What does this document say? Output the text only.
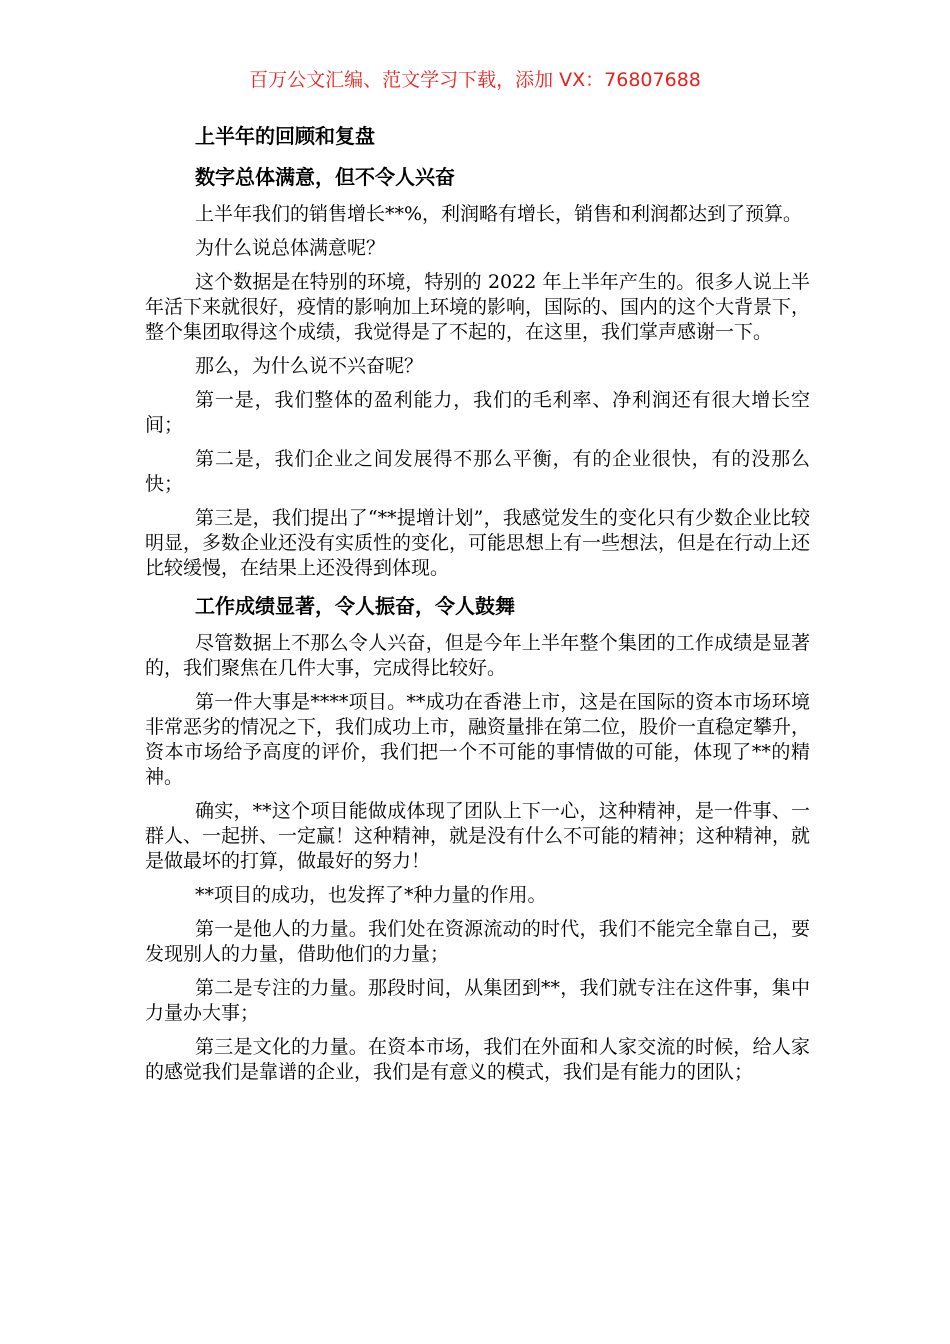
百万公文汇编、范文学习下载，添加 VX：76807688
上半年的回顾和复盘
数字总体满意，但不令人兴奋

上半年我们的销售增长**%，利润略有增长，销售和利润都达到了预算。

为什么说总体满意呢？

这个数据是在特别的环境，特别的 2022 年上半年产生的。很多人说上半年活下来就很好，疫情的影响加上环境的影响，国际的、国内的这个大背景下，整个集团取得这个成绩，我觉得是了不起的，在这里，我们掌声感谢一下。

那么，为什么说不兴奋呢？

第一是，我们整体的盈利能力，我们的毛利率、净利润还有很大增长空间；

第二是，我们企业之间发展得不那么平衡，有的企业很快，有的没那么快；

第三是，我们提出了“**提增计划”，我感觉发生的变化只有少数企业比较明显，多数企业还没有实质性的变化，可能思想上有一些想法，但是在行动上还比较缓慢，在结果上还没得到体现。

工作成绩显著，令人振奋，令人鼓舞

尽管数据上不那么令人兴奋，但是今年上半年整个集团的工作成绩是显著的，我们聚焦在几件大事，完成得比较好。

第一件大事是****项目。**成功在香港上市，这是在国际的资本市场环境非常恶劣的情况之下，我们成功上市，融资量排在第二位，股价一直稳定攀升，资本市场给予高度的评价，我们把一个不可能的事情做的可能，体现了**的精神。

确实，**这个项目能做成体现了团队上下一心，这种精神，是一件事、一群人、一起拼、一定赢！这种精神，就是没有什么不可能的精神；这种精神，就是做最坏的打算，做最好的努力！

**项目的成功，也发挥了*种力量的作用。

第一是他人的力量。我们处在资源流动的时代，我们不能完全靠自己，要发现别人的力量，借助他们的力量；

第二是专注的力量。那段时间，从集团到**，我们就专注在这件事，集中力量办大事；

第三是文化的力量。在资本市场，我们在外面和人家交流的时候，给人家的感觉我们是靠谱的企业，我们是有意义的模式，我们是有能力的团队；
